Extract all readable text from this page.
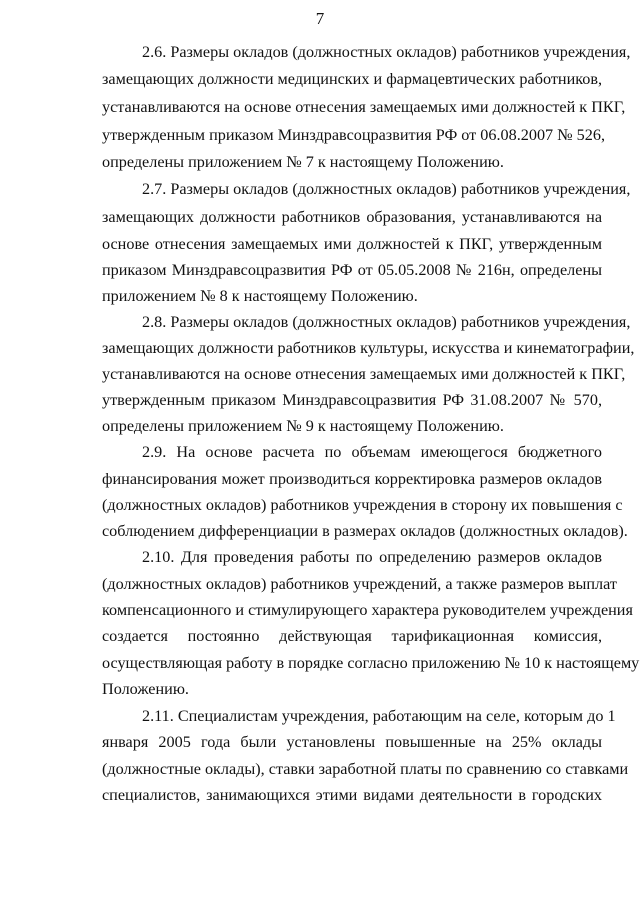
7
2.6. Размеры окладов (должностных окладов) работников учреждения,
замещающих должности медицинских и фармацевтических работников,
устанавливаются на основе отнесения замещаемых ими должностей к ПКГ,
утвержденным приказом Минздравсоцразвития РФ от 06.08.2007 № 526,
определены приложением № 7 к настоящему Положению.
2.7. Размеры окладов (должностных окладов) работников учреждения,
замещающих должности работников образования, устанавливаются на
основе отнесения замещаемых ими должностей к ПКГ, утвержденным
приказом Минздравсоцразвития РФ от 05.05.2008 № 216н, определены
приложением № 8 к настоящему Положению.
2.8. Размеры окладов (должностных окладов) работников учреждения,
замещающих должности работников культуры, искусства и кинематографии,
устанавливаются на основе отнесения замещаемых ими должностей к ПКГ,
утвержденным приказом Минздравсоцразвития РФ 31.08.2007 № 570,
определены приложением № 9 к настоящему Положению.
2.9. На основе расчета по объемам имеющегося бюджетного
финансирования может производиться корректировка размеров окладов
(должностных окладов) работников учреждения в сторону их повышения с
соблюдением дифференциации в размерах окладов (должностных окладов).
2.10. Для проведения работы по определению размеров окладов
(должностных окладов) работников учреждений, а также размеров выплат
компенсационного и стимулирующего характера руководителем учреждения
создается постоянно действующая тарификационная комиссия,
осуществляющая работу в порядке согласно приложению № 10 к настоящему
Положению.
2.11. Специалистам учреждения, работающим на селе, которым до 1
января 2005 года были установлены повышенные на 25% оклады
(должностные оклады), ставки заработной платы по сравнению со ставками
специалистов, занимающихся этими видами деятельности в городских
